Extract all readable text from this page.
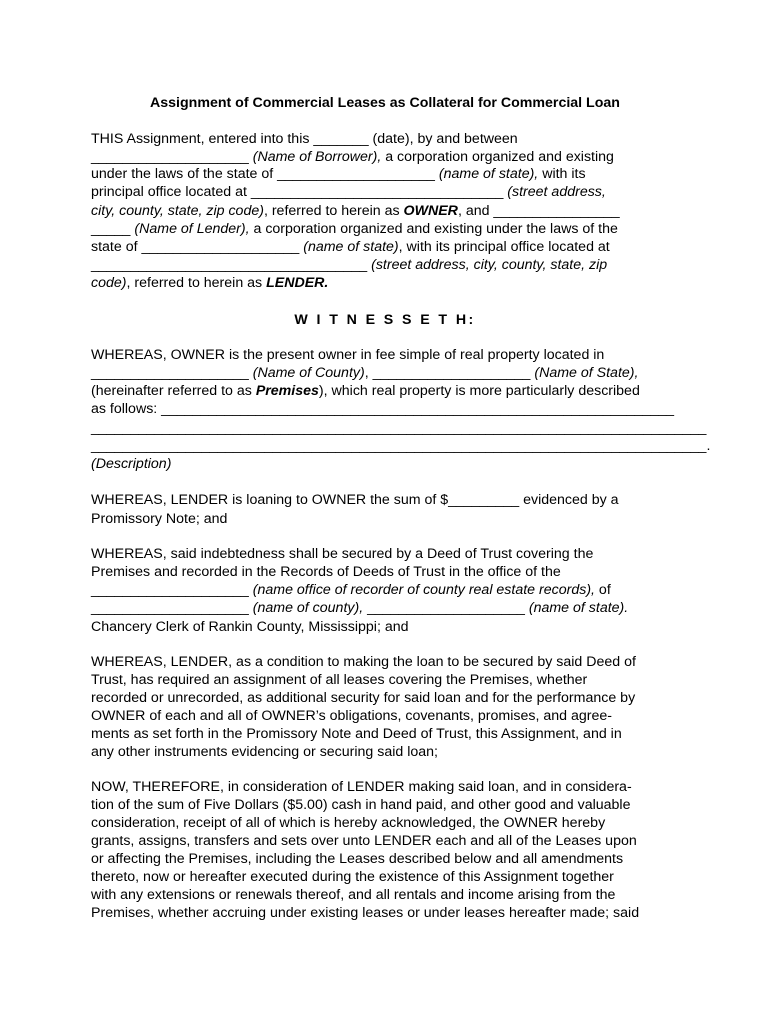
Assignment of Commercial Leases as Collateral for Commercial Loan
W I T N E S S E T H:
THIS Assignment, entered into this _______ (date), by and between
____________________ (Name of Borrower), a corporation organized and existing
under the laws of the state of ____________________ (name of state), with its
principal office located at ________________________________ (street address,
city, county, state, zip code), referred to herein as OWNER, and ________________
_____ (Name of Lender), a corporation organized and existing under the laws of the
state of ____________________ (name of state), with its principal office located at
___________________________________ (street address, city, county, state, zip
code), referred to herein as LENDER.
WHEREAS, OWNER is the present owner in fee simple of real property located in
____________________ (Name of County), ____________________ (Name of State),
(hereinafter referred to as Premises), which real property is more particularly described
as follows: _________________________________________________________________
______________________________________________________________________________
______________________________________________________________________________.
(Description)
WHEREAS, LENDER is loaning to OWNER the sum of $_________ evidenced by a
Promissory Note; and
WHEREAS, said indebtedness shall be secured by a Deed of Trust covering the
Premises and recorded in the Records of Deeds of Trust in the office of the
____________________ (name office of recorder of county real estate records), of
____________________ (name of county), ____________________ (name of state).
Chancery Clerk of Rankin County, Mississippi; and
WHEREAS, LENDER, as a condition to making the loan to be secured by said Deed of
Trust, has required an assignment of all leases covering the Premises, whether
recorded or unrecorded, as additional security for said loan and for the performance by
OWNER of each and all of OWNER’s obligations, covenants, promises, and agree-
ments as set forth in the Promissory Note and Deed of Trust, this Assignment, and in
any other instruments evidencing or securing said loan;
NOW, THEREFORE, in consideration of LENDER making said loan, and in considera-
tion of the sum of Five Dollars ($5.00) cash in hand paid, and other good and valuable
consideration, receipt of all of which is hereby acknowledged, the OWNER hereby
grants, assigns, transfers and sets over unto LENDER each and all of the Leases upon
or affecting the Premises, including the Leases described below and all amendments
thereto, now or hereafter executed during the existence of this Assignment together
with any extensions or renewals thereof, and all rentals and income arising from the
Premises, whether accruing under existing leases or under leases hereafter made; said
